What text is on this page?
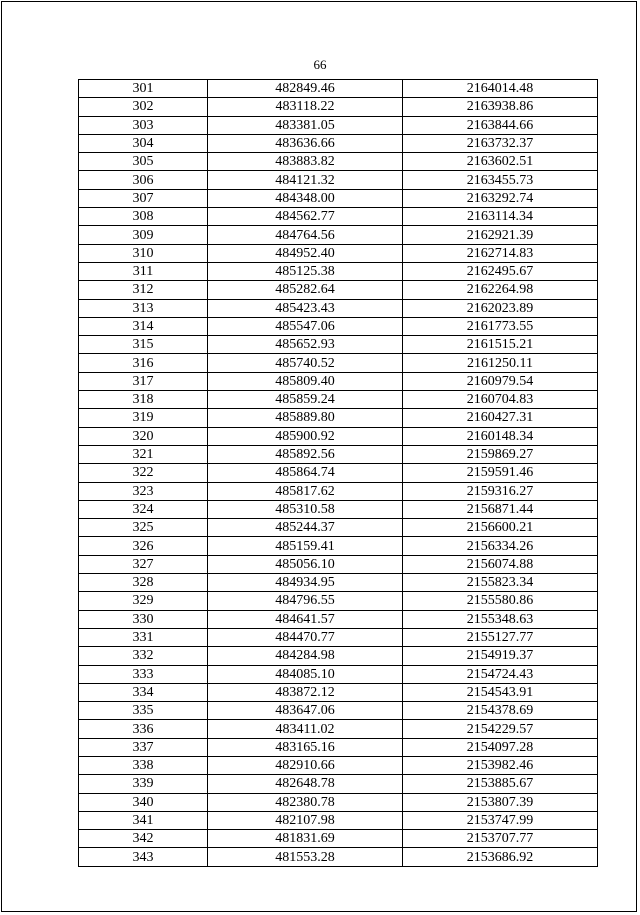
66
301	482849.46	2164014.48
302	483118.22	2163938.86
303	483381.05	2163844.66
304	483636.66	2163732.37
305	483883.82	2163602.51
306	484121.32	2163455.73
307	484348.00	2163292.74
308	484562.77	2163114.34
309	484764.56	2162921.39
310	484952.40	2162714.83
311	485125.38	2162495.67
312	485282.64	2162264.98
313	485423.43	2162023.89
314	485547.06	2161773.55
315	485652.93	2161515.21
316	485740.52	2161250.11
317	485809.40	2160979.54
318	485859.24	2160704.83
319	485889.80	2160427.31
320	485900.92	2160148.34
321	485892.56	2159869.27
322	485864.74	2159591.46
323	485817.62	2159316.27
324	485310.58	2156871.44
325	485244.37	2156600.21
326	485159.41	2156334.26
327	485056.10	2156074.88
328	484934.95	2155823.34
329	484796.55	2155580.86
330	484641.57	2155348.63
331	484470.77	2155127.77
332	484284.98	2154919.37
333	484085.10	2154724.43
334	483872.12	2154543.91
335	483647.06	2154378.69
336	483411.02	2154229.57
337	483165.16	2154097.28
338	482910.66	2153982.46
339	482648.78	2153885.67
340	482380.78	2153807.39
341	482107.98	2153747.99
342	481831.69	2153707.77
343	481553.28	2153686.92
